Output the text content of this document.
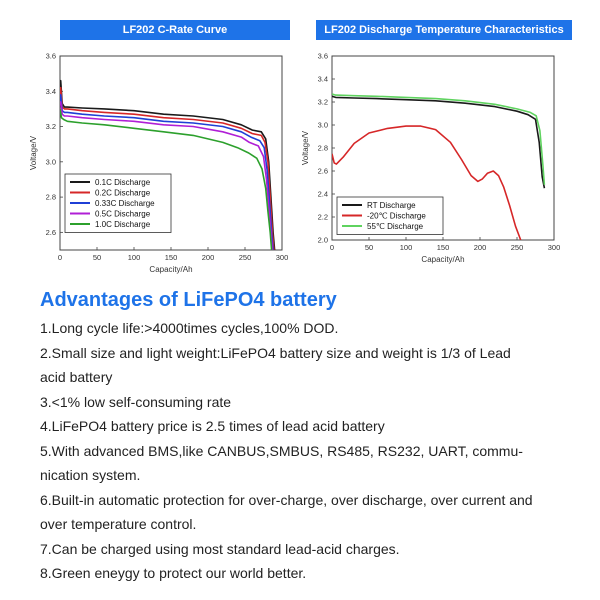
0	50	100	150	200	250	300
2.6
2.8
3.0
3.2
3.4
3.6
Capacity/Ah
Voltage/V
0.1C Discharge
0.2C Discharge
0.33C Discharge
0.5C Discharge
1.0C Discharge
LF202 C-Rate Curve
0	50	100	150	200	250	300
2.0
2.2
2.4
2.6
2.8
3.0
3.2
3.4
3.6
Capacity/Ah
Voltage/V
RT Discharge
-20℃ Discharge
55℃ Discharge
LF202 Discharge Temperature Characteristics
Advantages of LiFePO4 battery
1.Long cycle life:>4000times cycles,100% DOD.
2.Small size and light weight:LiFePO4 battery size and weight is 1/3 of Lead
acid battery
3.<1% low self-consuming rate
4.LiFePO4 battery price is 2.5 times of lead acid battery
5.With advanced BMS,like CANBUS,SMBUS, RS485, RS232, UART, commu-
nication system.
6.Built-in automatic protection for over-charge, over discharge, over current and
over temperature control.
7.Can be charged using most standard lead-acid charges.
8.Green eneygy to protect our world better.
